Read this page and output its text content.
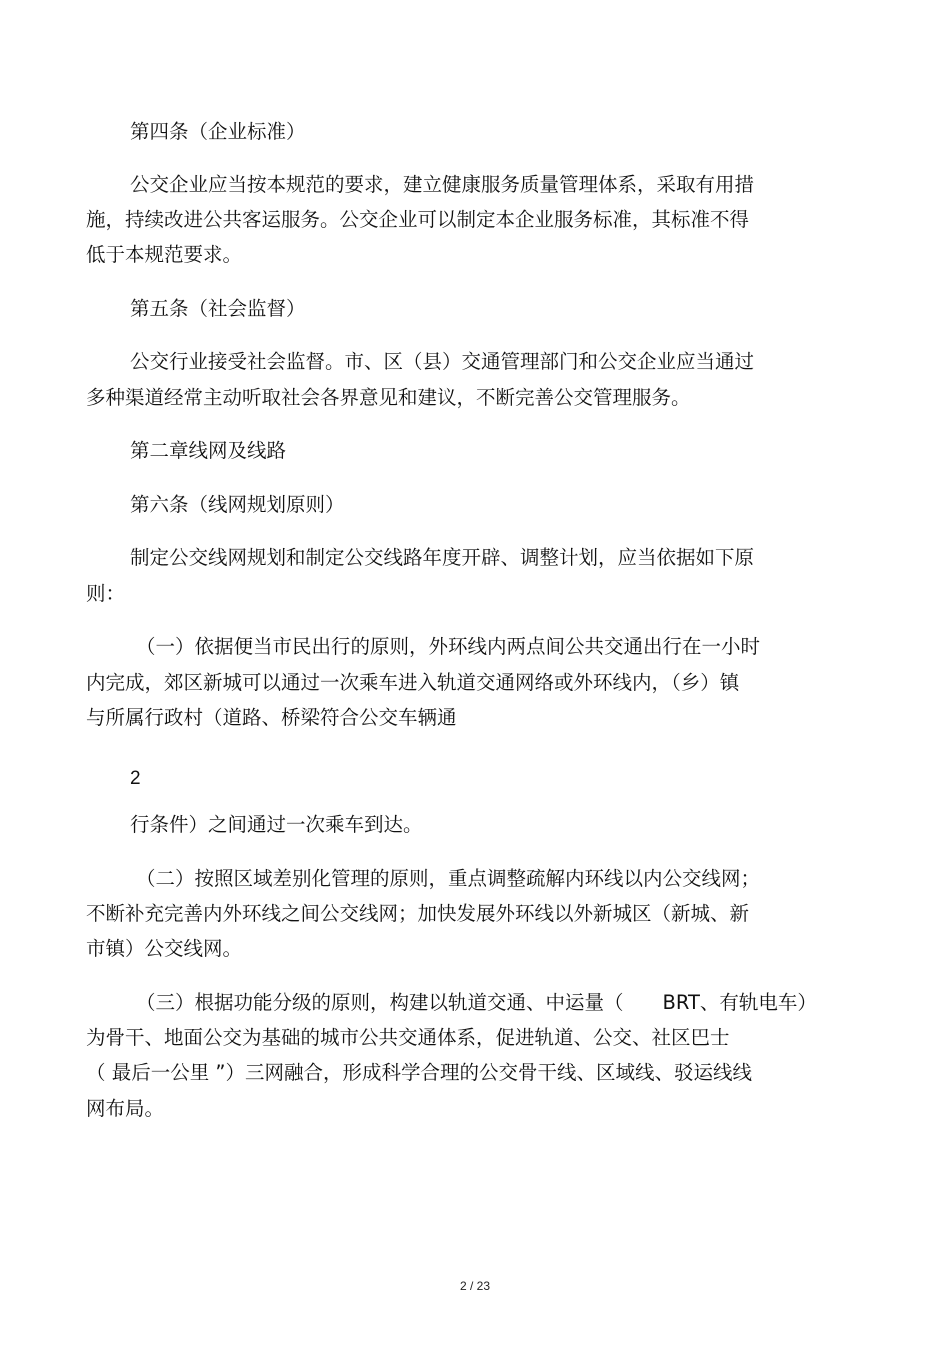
第四条（企业标准）
公交企业应当按本规范的要求，建立健康服务质量管理体系，采取有用措
施，持续改进公共客运服务。公交企业可以制定本企业服务标准，其标准不得
低于本规范要求。
第五条（社会监督）
公交行业接受社会监督。市、区（县）交通管理部门和公交企业应当通过
多种渠道经常主动听取社会各界意见和建议，不断完善公交管理服务。
第二章线网及线路
第六条（线网规划原则）
制定公交线网规划和制定公交线路年度开辟、调整计划，应当依据如下原
则：
（一）依据便当市民出行的原则，外环线内两点间公共交通出行在一小时
内完成，郊区新城可以通过一次乘车进入轨道交通网络或外环线内，（乡）镇
与所属行政村（道路、桥梁符合公交车辆通
2
行条件）之间通过一次乘车到达。
（二）按照区域差别化管理的原则，重点调整疏解内环线以内公交线网；
不断补充完善内外环线之间公交线网；加快发展外环线以外新城区（新城、新
市镇）公交线网。
（三）根据功能分级的原则，构建以轨道交通、中运量（　　BRT、有轨电车）
为骨干、地面公交为基础的城市公共交通体系，促进轨道、公交、社区巴士
（ 最后一公里 ”）三网融合，形成科学合理的公交骨干线、区域线、驳运线线
网布局。
2 / 23
